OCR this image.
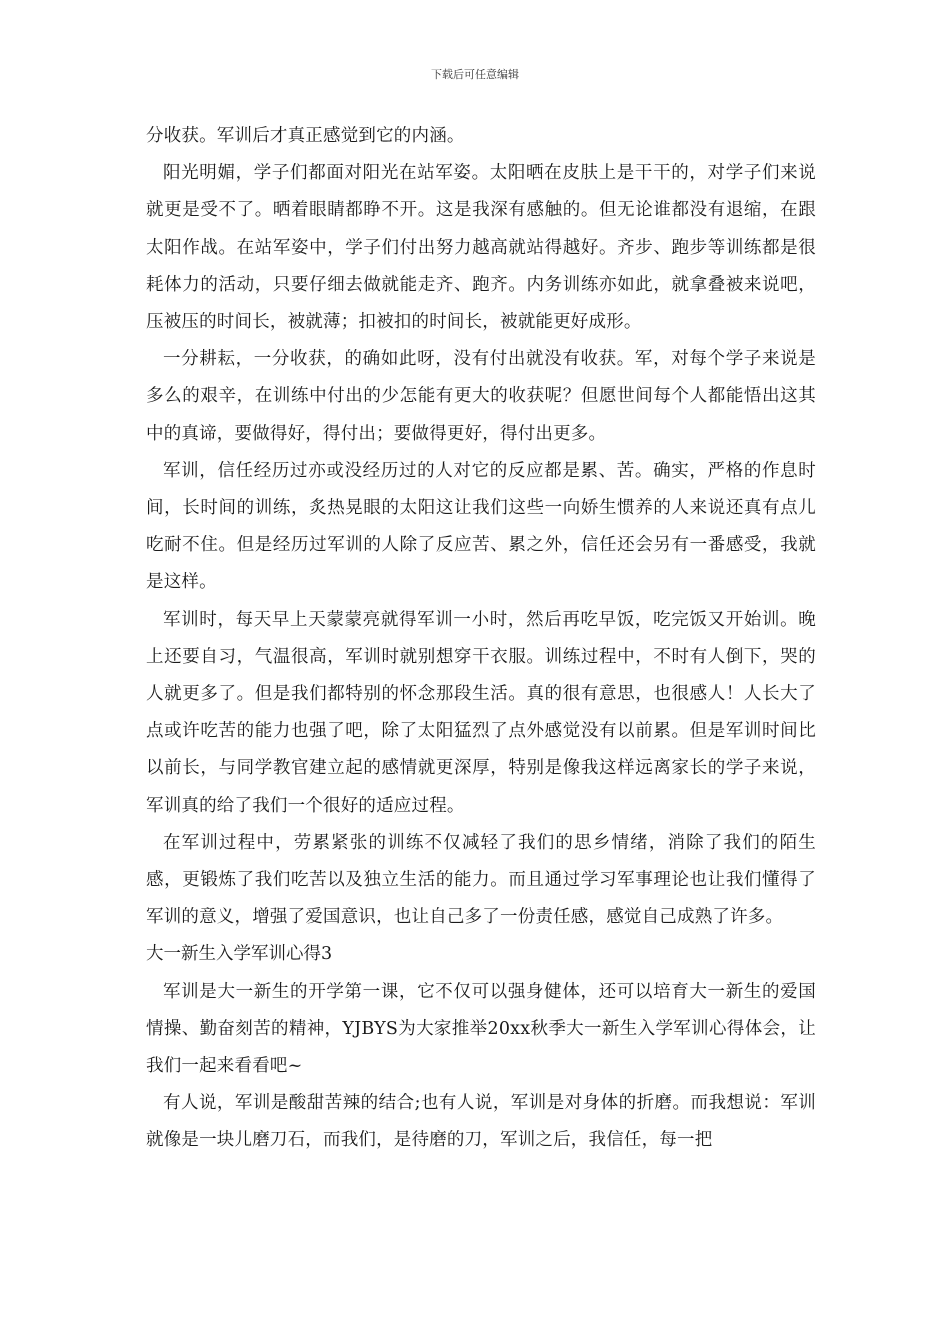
下载后可任意编辑

分收获。军训后才真正感觉到它的内涵。

阳光明媚，学子们都面对阳光在站军姿。太阳晒在皮肤上是干干的，对学子们来说就更是受不了。晒着眼睛都睁不开。这是我深有感触的。但无论谁都没有退缩，在跟太阳作战。在站军姿中，学子们付出努力越高就站得越好。齐步、跑步等训练都是很耗体力的活动，只要仔细去做就能走齐、跑齐。内务训练亦如此，就拿叠被来说吧，压被压的时间长，被就薄；扣被扣的时间长，被就能更好成形。

一分耕耘，一分收获，的确如此呀，没有付出就没有收获。军，对每个学子来说是多么的艰辛，在训练中付出的少怎能有更大的收获呢？但愿世间每个人都能悟出这其中的真谛，要做得好，得付出；要做得更好，得付出更多。

军训，信任经历过亦或没经历过的人对它的反应都是累、苦。确实，严格的作息时间，长时间的训练，炙热晃眼的太阳这让我们这些一向娇生惯养的人来说还真有点儿吃耐不住。但是经历过军训的人除了反应苦、累之外，信任还会另有一番感受，我就是这样。

军训时，每天早上天蒙蒙亮就得军训一小时，然后再吃早饭，吃完饭又开始训。晚上还要自习，气温很高，军训时就别想穿干衣服。训练过程中，不时有人倒下，哭的人就更多了。但是我们都特别的怀念那段生活。真的很有意思，也很感人！人长大了点或许吃苦的能力也强了吧，除了太阳猛烈了点外感觉没有以前累。但是军训时间比以前长，与同学教官建立起的感情就更深厚，特别是像我这样远离家长的学子来说，军训真的给了我们一个很好的适应过程。

在军训过程中，劳累紧张的训练不仅减轻了我们的思乡情绪，消除了我们的陌生感，更锻炼了我们吃苦以及独立生活的能力。而且通过学习军事理论也让我们懂得了军训的意义，增强了爱国意识，也让自己多了一份责任感，感觉自己成熟了许多。

大一新生入学军训心得3

军训是大一新生的开学第一课，它不仅可以强身健体，还可以培育大一新生的爱国情操、勤奋刻苦的精神，YJBYS为大家推举20xx秋季大一新生入学军训心得体会，让我们一起来看看吧~

有人说，军训是酸甜苦辣的结合;也有人说，军训是对身体的折磨。而我想说：军训就像是一块儿磨刀石，而我们，是待磨的刀，军训之后，我信任，每一把
